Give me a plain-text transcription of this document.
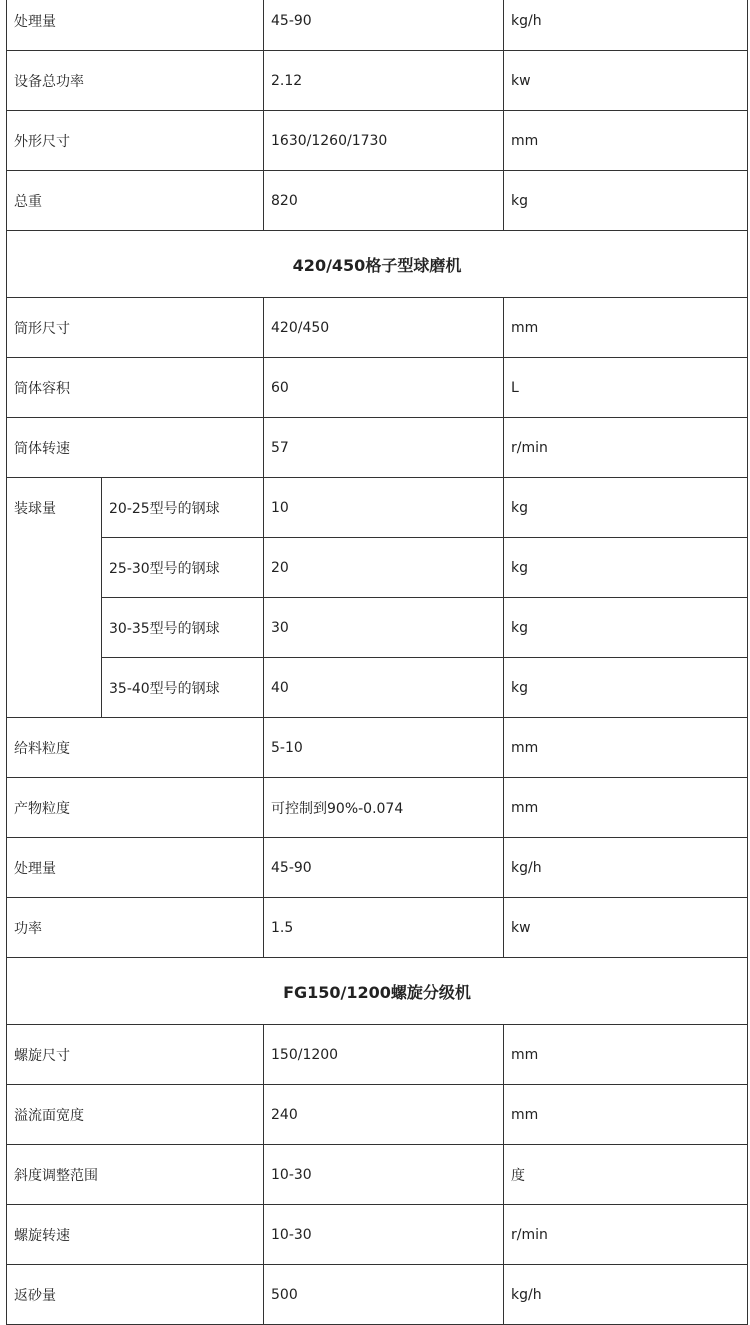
处理量		45-90	kg/h
设备总功率		2.12	kw
外形尺寸		1630/1260/1730	mm
总重		820	kg
420/450格子型球磨机			
筒形尺寸		420/450	mm
筒体容积		60	L
筒体转速		57	r/min
装球量	20-25型号的钢球	10	kg
	25-30型号的钢球	20	kg
	30-35型号的钢球	30	kg
	35-40型号的钢球	40	kg
给料粒度		5-10	mm
产物粒度		可控制到90%-0.074	mm
处理量		45-90	kg/h
功率		1.5	kw
FG150/1200螺旋分级机			
螺旋尺寸		150/1200	mm
溢流面宽度		240	mm
斜度调整范围		10-30	度
螺旋转速		10-30	r/min
返砂量		500	kg/h
